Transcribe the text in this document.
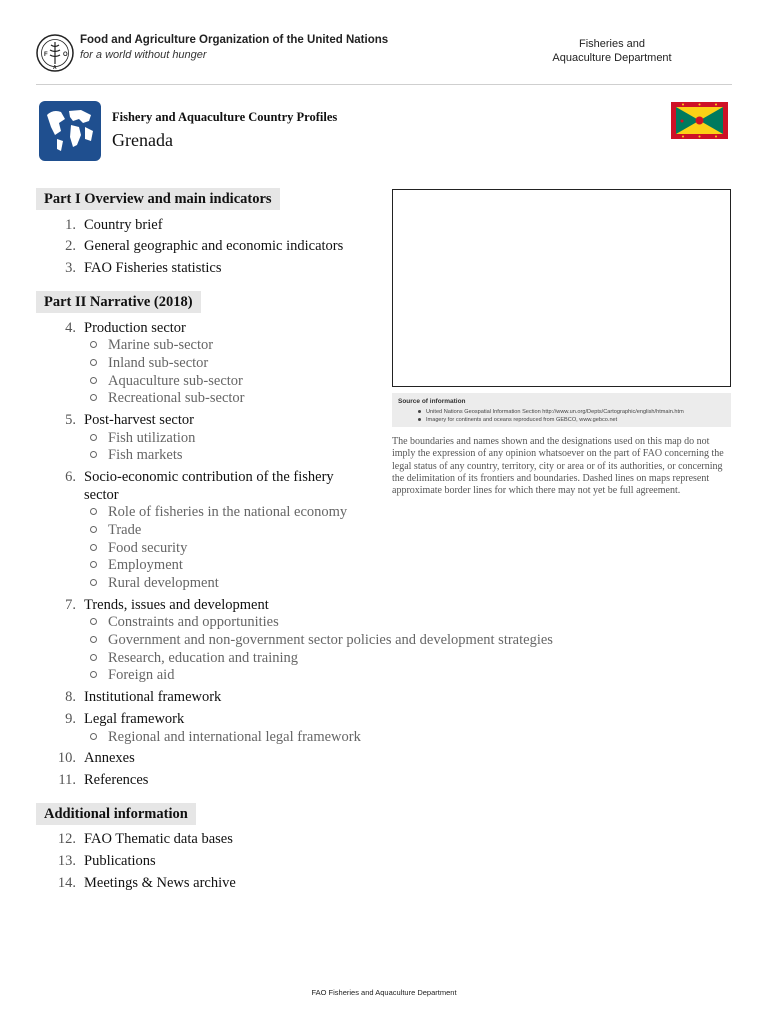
F	O
A
Food and Agriculture Organization of the United Nations
for a world without hunger
Fisheries and
Aquaculture Department
Fishery and Aquaculture Country Profiles
Grenada
Part I Overview and main indicators
1. Country brief
2. General geographic and economic indicators
3. FAO Fisheries statistics
Part II Narrative (2018)
4. Production sector
Marine sub-sector
Inland sub-sector
Aquaculture sub-sector
Recreational sub-sector
5. Post-harvest sector
Fish utilization
Fish markets
6. Socio-economic contribution of the fishery
sector
Role of fisheries in the national economy
Trade
Food security
Employment
Rural development
7. Trends, issues and development
Constraints and opportunities
Government and non-government sector policies and development strategies
Research, education and training
Foreign aid
8. Institutional framework
9. Legal framework
Regional and international legal framework
10. Annexes
11. References
Additional information
12. FAO Thematic data bases
13. Publications
14. Meetings & News archive
Source of information
United Nations Geospatial Information Section http://www.un.org/Depts/Cartographic/english/htmain.htm
Imagery for continents and oceans reproduced from GEBCO, www.gebco.net
The boundaries and names shown and the designations used on this map do not imply the expression of any opinion whatsoever on the part of FAO concerning the legal status of any country, territory, city or area or of its authorities, or concerning the delimitation of its frontiers and boundaries. Dashed lines on maps represent approximate border lines for which there may not yet be full agreement.
FAO Fisheries and Aquaculture Department
